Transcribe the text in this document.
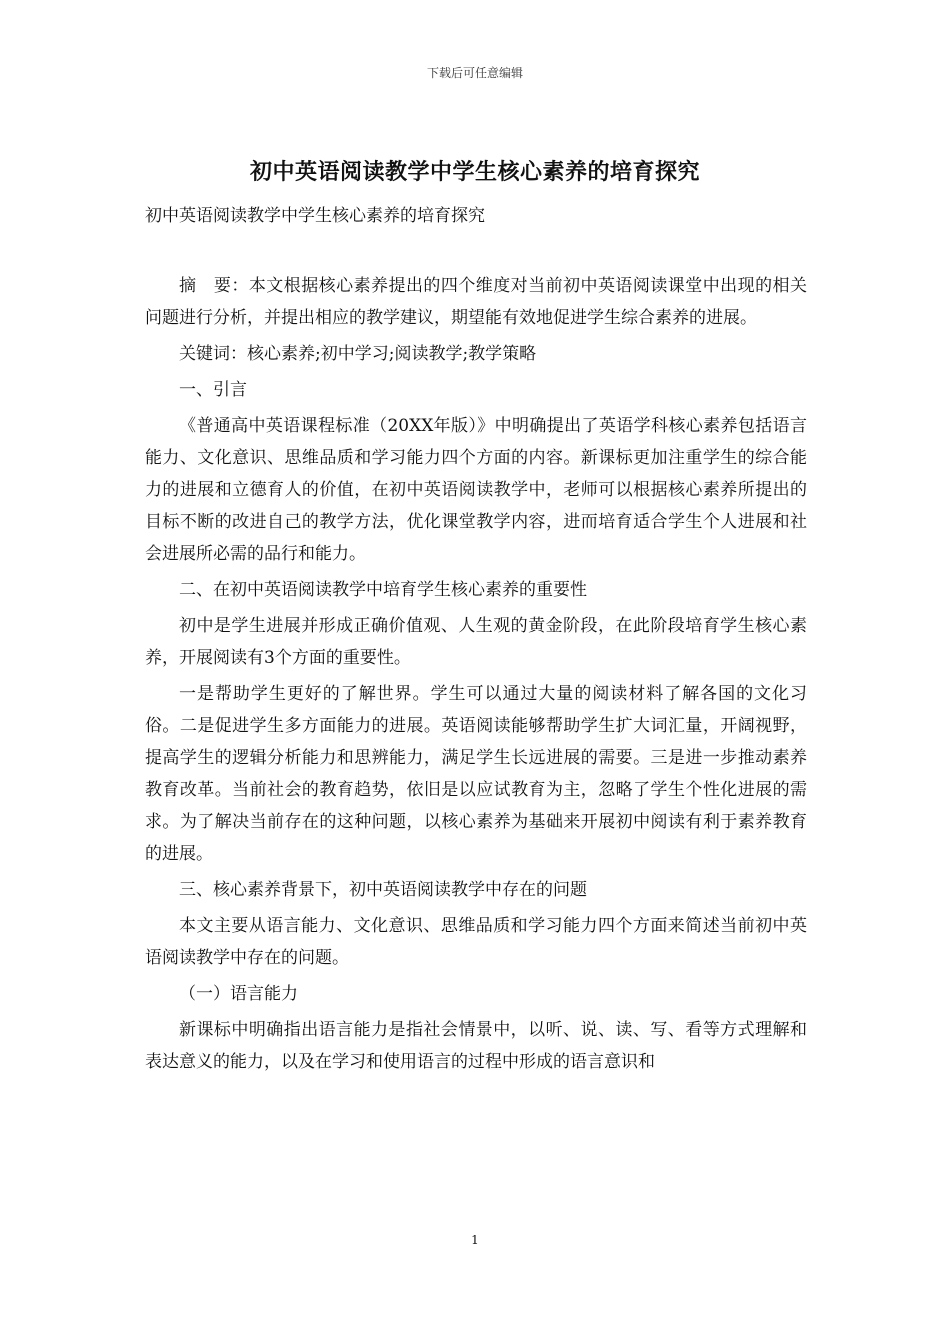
下载后可任意编辑
初中英语阅读教学中学生核心素养的培育探究
初中英语阅读教学中学生核心素养的培育探究

摘　要：本文根据核心素养提出的四个维度对当前初中英语阅读课堂中出现的相关问题进行分析，并提出相应的教学建议，期望能有效地促进学生综合素养的进展。

关键词：核心素养;初中学习;阅读教学;教学策略

一、引言

《普通高中英语课程标准（20XX年版）》中明确提出了英语学科核心素养包括语言能力、文化意识、思维品质和学习能力四个方面的内容。新课标更加注重学生的综合能力的进展和立德育人的价值，在初中英语阅读教学中，老师可以根据核心素养所提出的目标不断的改进自己的教学方法，优化课堂教学内容，进而培育适合学生个人进展和社会进展所必需的品行和能力。

二、在初中英语阅读教学中培育学生核心素养的重要性

初中是学生进展并形成正确价值观、人生观的黄金阶段，在此阶段培育学生核心素养，开展阅读有3个方面的重要性。

一是帮助学生更好的了解世界。学生可以通过大量的阅读材料了解各国的文化习俗。二是促进学生多方面能力的进展。英语阅读能够帮助学生扩大词汇量，开阔视野，提高学生的逻辑分析能力和思辨能力，满足学生长远进展的需要。三是进一步推动素养教育改革。当前社会的教育趋势，依旧是以应试教育为主，忽略了学生个性化进展的需求。为了解决当前存在的这种问题，以核心素养为基础来开展初中阅读有利于素养教育的进展。

三、核心素养背景下，初中英语阅读教学中存在的问题

本文主要从语言能力、文化意识、思维品质和学习能力四个方面来简述当前初中英语阅读教学中存在的问题。

（一）语言能力

新课标中明确指出语言能力是指社会情景中，以听、说、读、写、看等方式理解和表达意义的能力，以及在学习和使用语言的过程中形成的语言意识和

1
